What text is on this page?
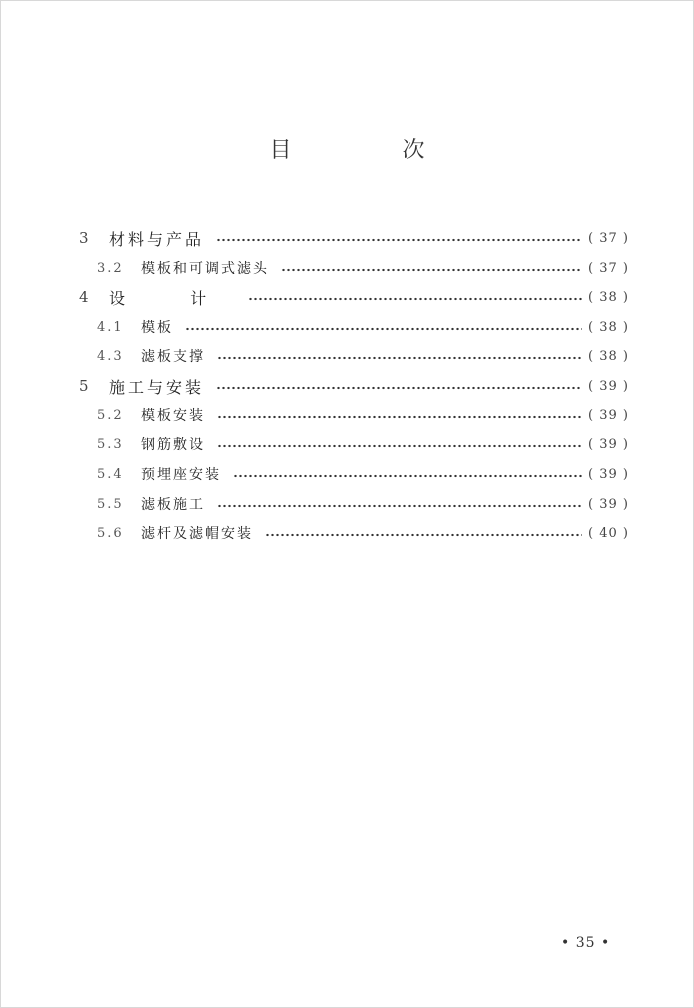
目 次
3	材料与产品	( 37 )
3.2	模板和可调式滤头	( 37 )
4	设 计	( 38 )
4.1	模板	( 38 )
4.3	滤板支撑	( 38 )
5	施工与安装	( 39 )
5.2	模板安装	( 39 )
5.3	钢筋敷设	( 39 )
5.4	预埋座安装	( 39 )
5.5	滤板施工	( 39 )
5.6	滤杆及滤帽安装	( 40 )
• 35 •
